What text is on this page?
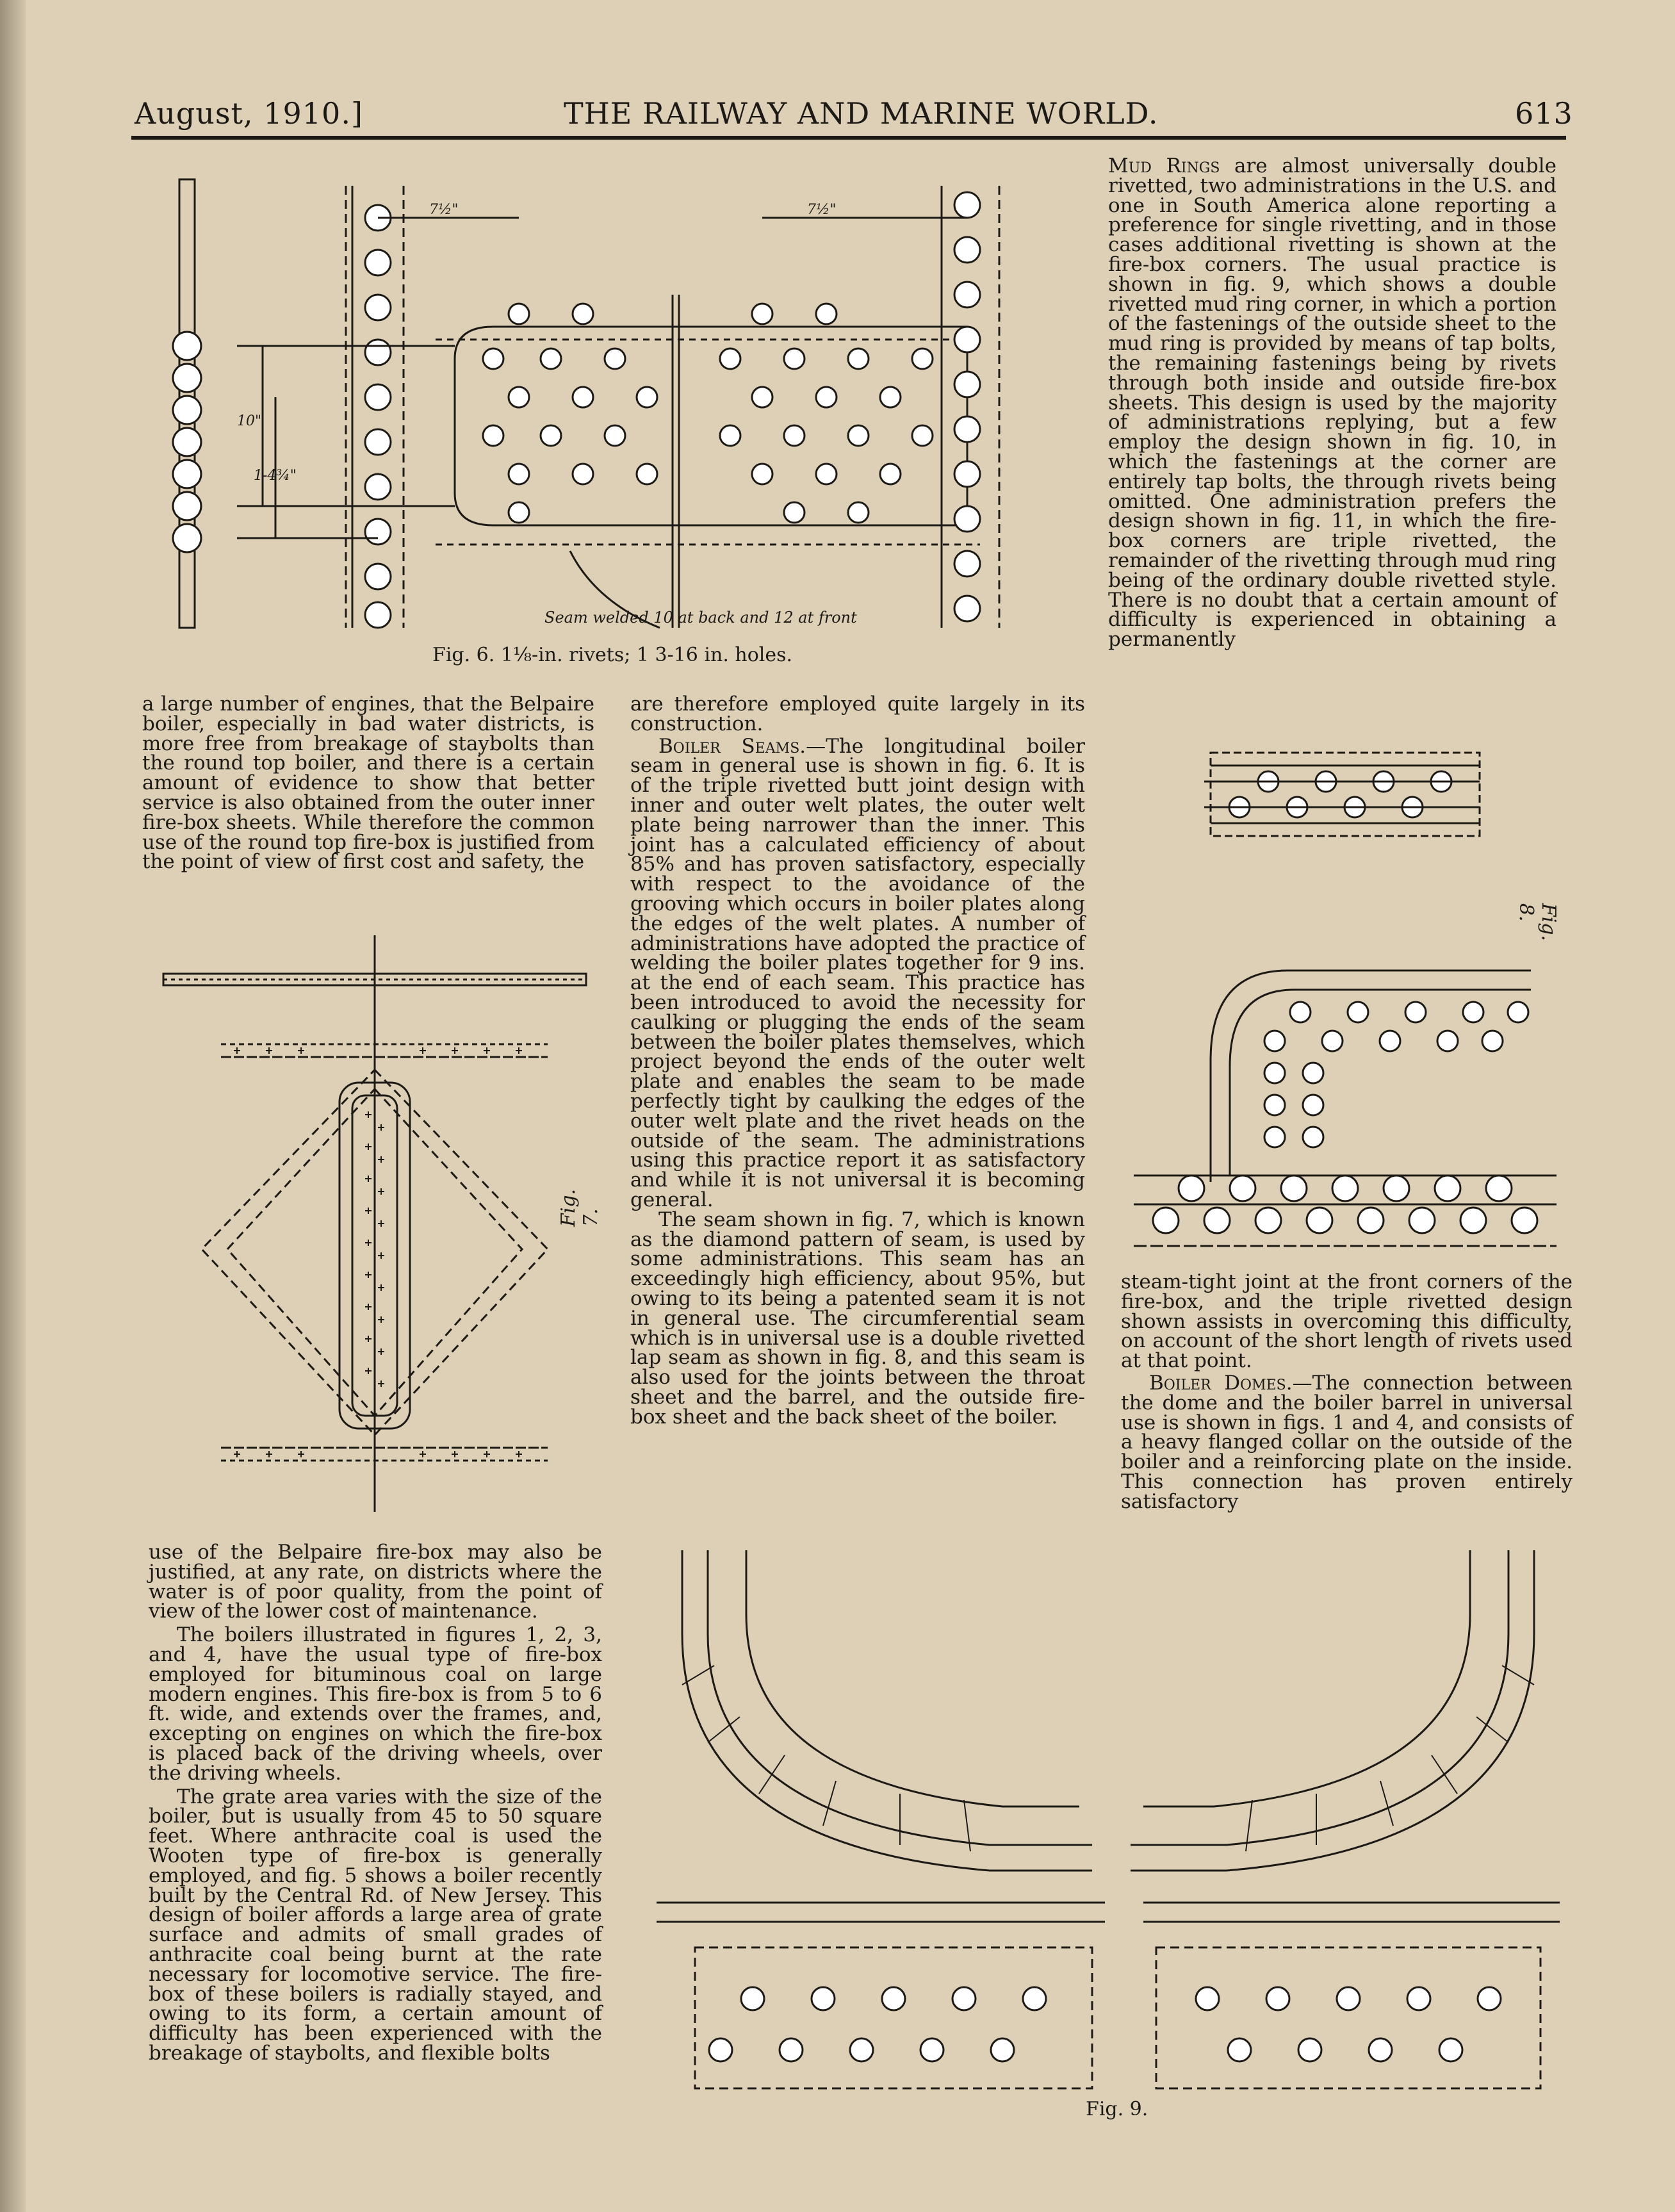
August, 1910.]	THE RAILWAY AND MARINE WORLD.	613
Seam welded 10 at back and 12 at front
7½"	7½"
10"
1-4¾"
Fig. 6. 1⅛-in. rivets; 1 3-16 in. holes.

Mud Rings are almost universally double rivetted, two administrations in the U.S. and one in South America alone reporting a preference for single rivetting, and in those cases additional rivetting is shown at the fire-box corners. The usual practice is shown in fig. 9, which shows a double rivetted mud ring corner, in which a portion of the fastenings of the outside sheet to the mud ring is provided by means of tap bolts, the remaining fastenings being by rivets through both inside and outside fire-box sheets. This design is used by the majority of administrations replying, but a few employ the design shown in fig. 10, in which the fastenings at the corner are entirely tap bolts, the through rivets being omitted. One administration prefers the design shown in fig. 11, in which the fire-box corners are triple rivetted, the remainder of the rivetting through mud ring being of the ordinary double rivetted style. There is no doubt that a certain amount of difficulty is experienced in obtaining a permanently

a large number of engines, that the Belpaire boiler, especially in bad water districts, is more free from breakage of staybolts than the round top boiler, and there is a certain amount of evidence to show that better service is also obtained from the outer inner fire-box sheets. While therefore the common use of the round top fire-box is justified from the point of view of first cost and safety, the

Fig. 7.

use of the Belpaire fire-box may also be justified, at any rate, on districts where the water is of poor quality, from the point of view of the lower cost of maintenance.

The boilers illustrated in figures 1, 2, 3, and 4, have the usual type of fire-box employed for bituminous coal on large modern engines. This fire-box is from 5 to 6 ft. wide, and extends over the frames, and, excepting on engines on which the fire-box is placed back of the driving wheels, over the driving wheels.

The grate area varies with the size of the boiler, but is usually from 45 to 50 square feet. Where anthracite coal is used the Wooten type of fire-box is generally employed, and fig. 5 shows a boiler recently built by the Central Rd. of New Jersey. This design of boiler affords a large area of grate surface and admits of small grades of anthracite coal being burnt at the rate necessary for locomotive service. The fire-box of these boilers is radially stayed, and owing to its form, a certain amount of difficulty has been experienced with the breakage of staybolts, and flexible bolts

are therefore employed quite largely in its construction.

Boiler Seams.—The longitudinal boiler seam in general use is shown in fig. 6. It is of the triple rivetted butt joint design with inner and outer welt plates, the outer welt plate being narrower than the inner. This joint has a calculated efficiency of about 85% and has proven satisfactory, especially with respect to the avoidance of the grooving which occurs in boiler plates along the edges of the welt plates. A number of administrations have adopted the practice of welding the boiler plates together for 9 ins. at the end of each seam. This practice has been introduced to avoid the necessity for caulking or plugging the ends of the seam between the boiler plates themselves, which project beyond the ends of the outer welt plate and enables the seam to be made perfectly tight by caulking the edges of the outer welt plate and the rivet heads on the outside of the seam. The administrations using this practice report it as satisfactory and while it is not universal it is becoming general.

The seam shown in fig. 7, which is known as the diamond pattern of seam, is used by some administrations. This seam has an exceedingly high efficiency, about 95%, but owing to its being a patented seam it is not in general use. The circumferential seam which is in universal use is a double rivetted lap seam as shown in fig. 8, and this seam is also used for the joints between the throat sheet and the barrel, and the outside fire-box sheet and the back sheet of the boiler.

Fig. 8.

steam-tight joint at the front corners of the fire-box, and the triple rivetted design shown assists in overcoming this difficulty, on account of the short length of rivets used at that point.

Boiler Domes.—The connection between the dome and the boiler barrel in universal use is shown in figs. 1 and 4, and consists of a heavy flanged collar on the outside of the boiler and a reinforcing plate on the inside. This connection has proven entirely satisfactory

Fig. 9.
